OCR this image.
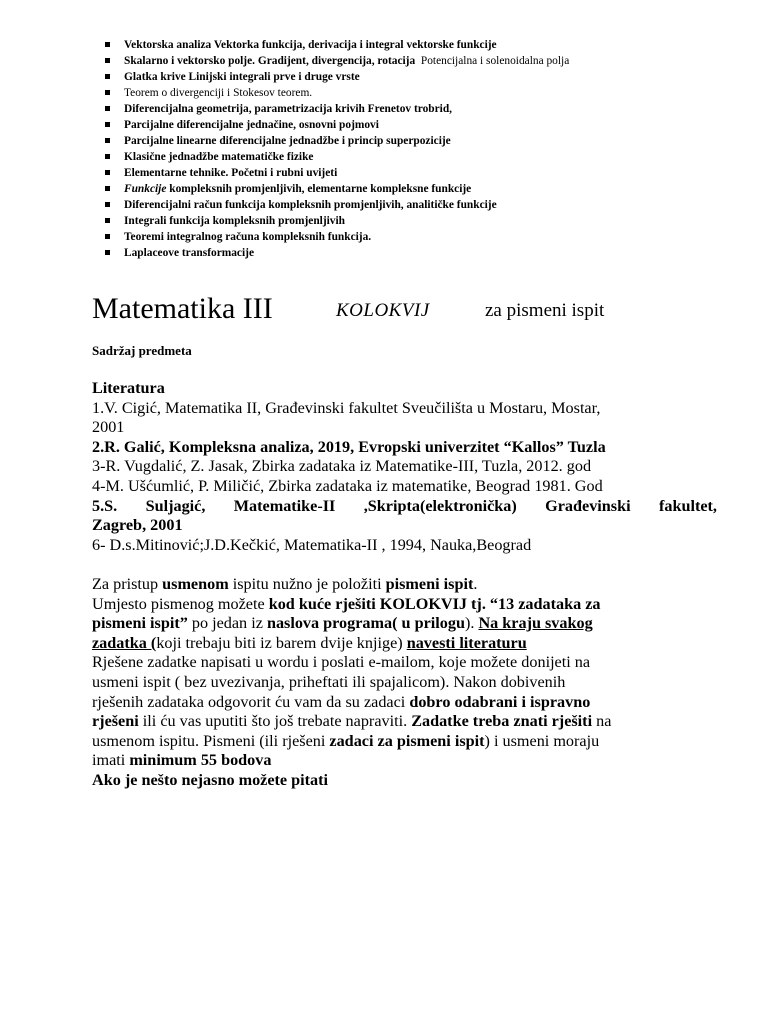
Vektorska analiza Vektorka funkcija, derivacija i integral vektorske funkcije
Skalarno i vektorsko polje. Gradijent, divergencija, rotacija Potencijalna i solenoidalna polja
Glatka krive Linijski integrali prve i druge vrste
Teorem o divergenciji i Stokesov teorem.
Diferencijalna geometrija, parametrizacija krivih Frenetov trobrid,
Parcijalne diferencijalne jednačine, osnovni pojmovi
Parcijalne linearne diferencijalne jednadžbe i princip superpozicije
Klasične jednadžbe matematičke fizike
Elementarne tehnike. Početni i rubni uvijeti
Funkcije kompleksnih promjenljivih, elementarne kompleksne funkcije
Diferencijalni račun funkcija kompleksnih promjenljivih, analitičke funkcije
Integrali funkcija kompleksnih promjenljivih
Teoremi integralnog računa kompleksnih funkcija.
Laplaceove transformacije
Matematika III	KOLOKVIJ	za pismeni ispit
Sadržaj predmeta
Literatura
1.V. Cigić, Matematika II, Građevinski fakultet Sveučilišta u Mostaru, Mostar,
2001
2.R. Galić, Kompleksna analiza, 2019, Evropski univerzitet “Kallos” Tuzla
3-R. Vugdalić, Z. Jasak, Zbirka zadataka iz Matematike-III, Tuzla, 2012. god
4-M. Ušćumlić, P. Miličić, Zbirka zadataka iz matematike, Beograd 1981. God
5.S. Suljagić, Matematike-II ,Skripta(elektronička) Građevinski fakultet,
Zagreb, 2001
6- D.s.Mitinović;J.D.Kečkić, Matematika-II , 1994, Nauka,Beograd
Za pristup usmenom ispitu nužno je položiti pismeni ispit.
Umjesto pismenog možete kod kuće rješiti KOLOKVIJ tj. “13 zadataka za
pismeni ispit” po jedan iz naslova programa( u prilogu). Na kraju svakog
zadatka (koji trebaju biti iz barem dvije knjige) navesti literaturu
Rješene zadatke napisati u wordu i poslati e-mailom, koje možete donijeti na
usmeni ispit ( bez uvezivanja, priheftati ili spajalicom). Nakon dobivenih
rješenih zadataka odgovorit ću vam da su zadaci dobro odabrani i ispravno
rješeni ili ću vas uputiti što još trebate napraviti. Zadatke treba znati rješiti na
usmenom ispitu. Pismeni (ili rješeni zadaci za pismeni ispit) i usmeni moraju
imati minimum 55 bodova
Ako je nešto nejasno možete pitati
